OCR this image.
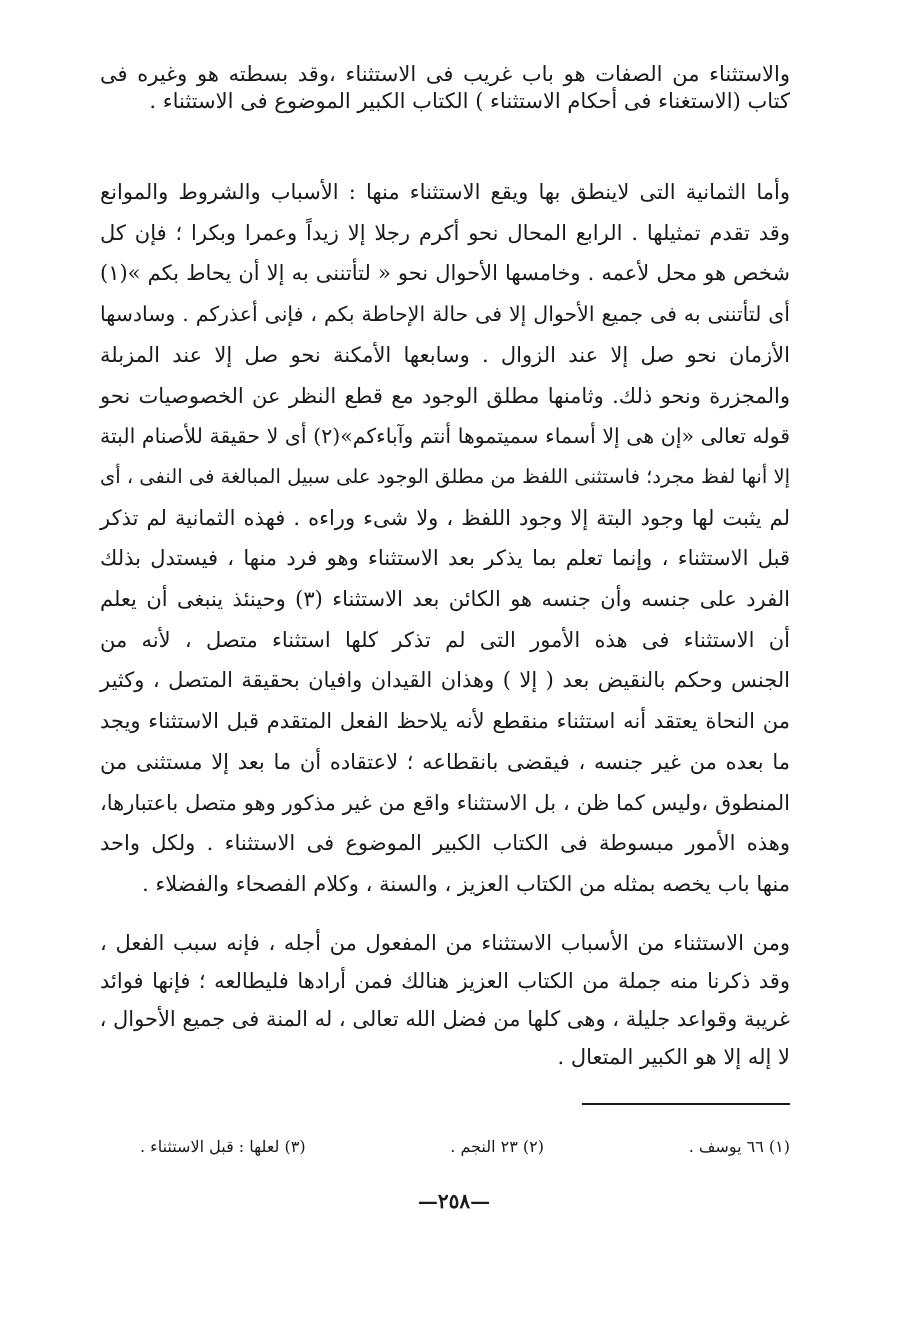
والاستثناء من الصفات هو باب غريب فى الاستثناء ،وقد بسطته هو وغيره فى
كتاب (الاستغناء فى أحكام الاستثناء ) الكتاب الكبير الموضوع فى الاستثناء .
وأما الثمانية التى لاينطق بها ويقع الاستثناء منها : الأسباب والشروط والموانع
وقد تقدم تمثيلها . الرابع المحال نحو أكرم رجلا إلا زيداً وعمرا وبكرا ؛ فإن كل
شخص هو محل لأعمه . وخامسها الأحوال نحو « لتأتننى به إلا أن يحاط بكم »(١)
أى لتأتننى به فى جميع الأحوال إلا فى حالة الإحاطة بكم ، فإنى أعذركم . وسادسها
الأزمان نحو صل إلا عند الزوال . وسابعها الأمكنة نحو صل إلا عند المزبلة
والمجزرة ونحو ذلك. وثامنها مطلق الوجود مع قطع النظر عن الخصوصيات نحو
قوله تعالى «إن هى إلا أسماء سميتموها أنتم وآباءكم»(٢) أى لا حقيقة للأصنام البتة
إلا أنها لفظ مجرد؛ فاستثنى اللفظ من مطلق الوجود على سبيل المبالغة فى النفى ، أى
لم يثبت لها وجود البتة إلا وجود اللفظ ، ولا شىء وراءه . فهذه الثمانية لم تذكر
قبل الاستثناء ، وإنما تعلم بما يذكر بعد الاستثناء وهو فرد منها ، فيستدل بذلك
الفرد على جنسه وأن جنسه هو الكائن بعد الاستثناء (٣) وحينئذ ينبغى أن يعلم
أن الاستثناء فى هذه الأمور التى لم تذكر كلها استثناء متصل ، لأنه من
الجنس وحكم بالنقيض بعد ( إلا ) وهذان القيدان وافيان بحقيقة المتصل ، وكثير
من النحاة يعتقد أنه استثناء منقطع لأنه يلاحظ الفعل المتقدم قبل الاستثناء ويجد
ما بعده من غير جنسه ، فيقضى بانقطاعه ؛ لاعتقاده أن ما بعد إلا مستثنى من
المنطوق ،وليس كما ظن ، بل الاستثناء واقع من غير مذكور وهو متصل باعتبارها،
وهذه الأمور مبسوطة فى الكتاب الكبير الموضوع فى الاستثناء . ولكل واحد
منها باب يخصه بمثله من الكتاب العزيز ، والسنة ، وكلام الفصحاء والفضلاء .
ومن الاستثناء من الأسباب الاستثناء من المفعول من أجله ، فإنه سبب الفعل ،
وقد ذكرنا منه جملة من الكتاب العزيز هنالك فمن أرادها فليطالعه ؛ فإنها فوائد
غريبة وقواعد جليلة ، وهى كلها من فضل الله تعالى ، له المنة فى جميع الأحوال ،
لا إله إلا هو الكبير المتعال .
(١) ٦٦ يوسف .
(٢) ٢٣ النجم .
(٣) لعلها : قبل الاستثناء .
—٢٥٨—
